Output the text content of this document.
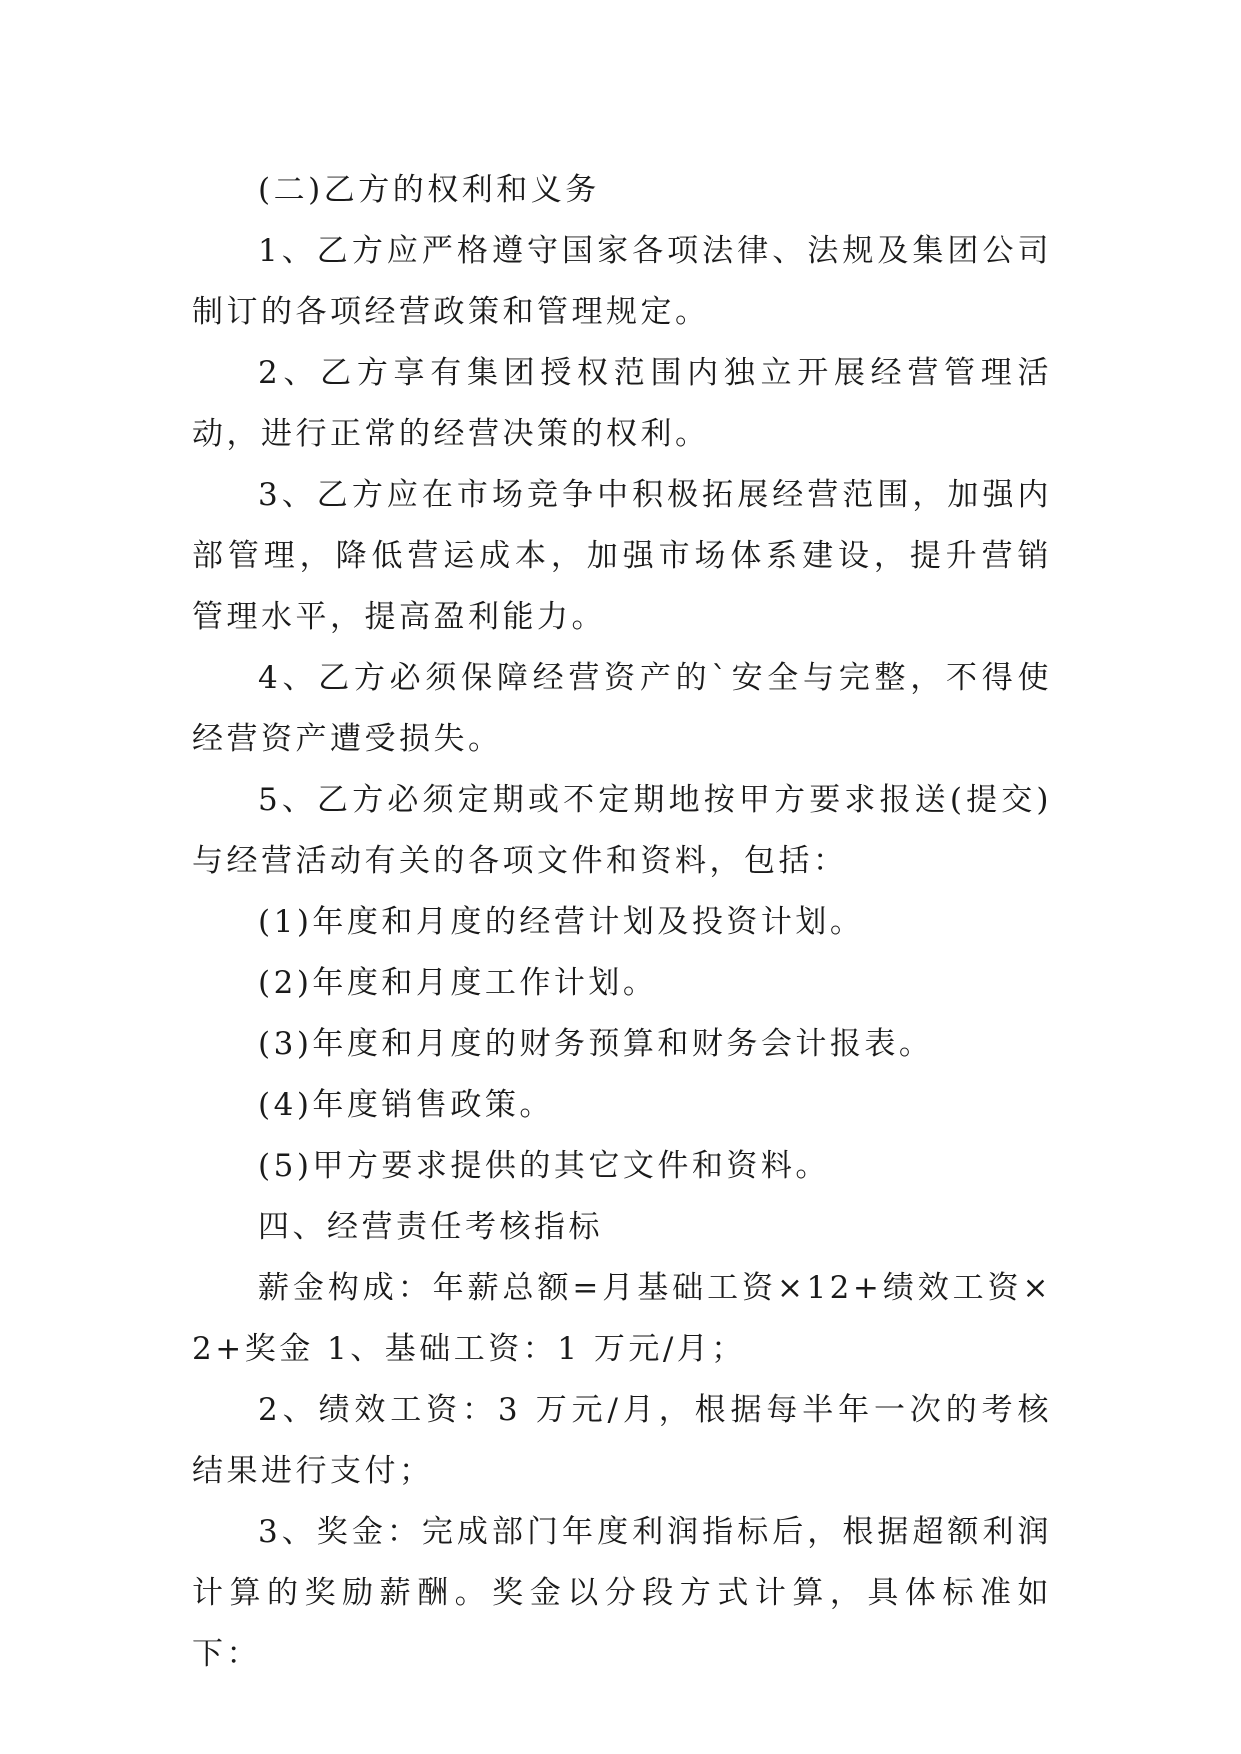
(二)乙方的权利和义务

1、乙方应严格遵守国家各项法律、法规及集团公司制订的各项经营政策和管理规定。

2、乙方享有集团授权范围内独立开展经营管理活动，进行正常的经营决策的权利。

3、乙方应在市场竞争中积极拓展经营范围，加强内部管理，降低营运成本，加强市场体系建设，提升营销管理水平，提高盈利能力。

4、乙方必须保障经营资产的`安全与完整，不得使经营资产遭受损失。

5、乙方必须定期或不定期地按甲方要求报送(提交)与经营活动有关的各项文件和资料，包括：

(1)年度和月度的经营计划及投资计划。

(2)年度和月度工作计划。

(3)年度和月度的财务预算和财务会计报表。

(4)年度销售政策。

(5)甲方要求提供的其它文件和资料。

四、经营责任考核指标

薪金构成：年薪总额=月基础工资×12+绩效工资×2+奖金 1、基础工资：1 万元/月；

2、绩效工资：3 万元/月，根据每半年一次的考核结果进行支付；

3、奖金：完成部门年度利润指标后，根据超额利润计算的奖励薪酬。奖金以分段方式计算，具体标准如下：
